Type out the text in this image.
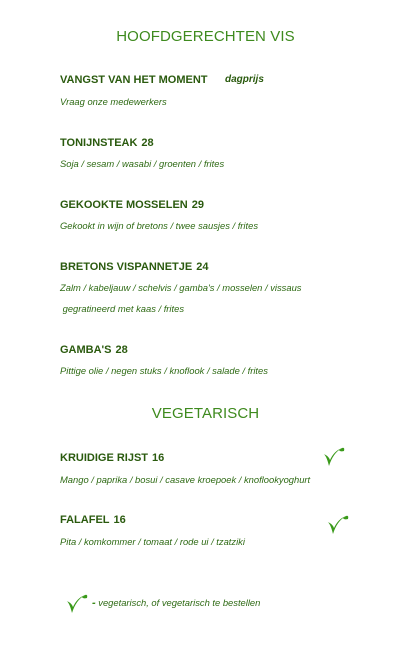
HOOFDGERECHTEN VIS
VANGST VAN HET MOMENT dagprijs
Vraag onze medewerkers
TONIJNSTEAK 28
Soja / sesam / wasabi / groenten / frites
GEKOOKTE MOSSELEN 29
Gekookt in wijn of bretons / twee sausjes / frites
BRETONS VISPANNETJE 24
Zalm / kabeljauw / schelvis / gamba's / mosselen / vissaus
gegratineerd met kaas / frites
GAMBA'S 28
Pittige olie / negen stuks / knoflook / salade / frites
VEGETARISCH
KRUIDIGE RIJST 16
Mango / paprika / bosui / casave kroepoek / knoflookyoghurt
FALAFEL 16
Pita / komkommer / tomaat / rode ui / tzatziki
- vegetarisch, of vegetarisch te bestellen
